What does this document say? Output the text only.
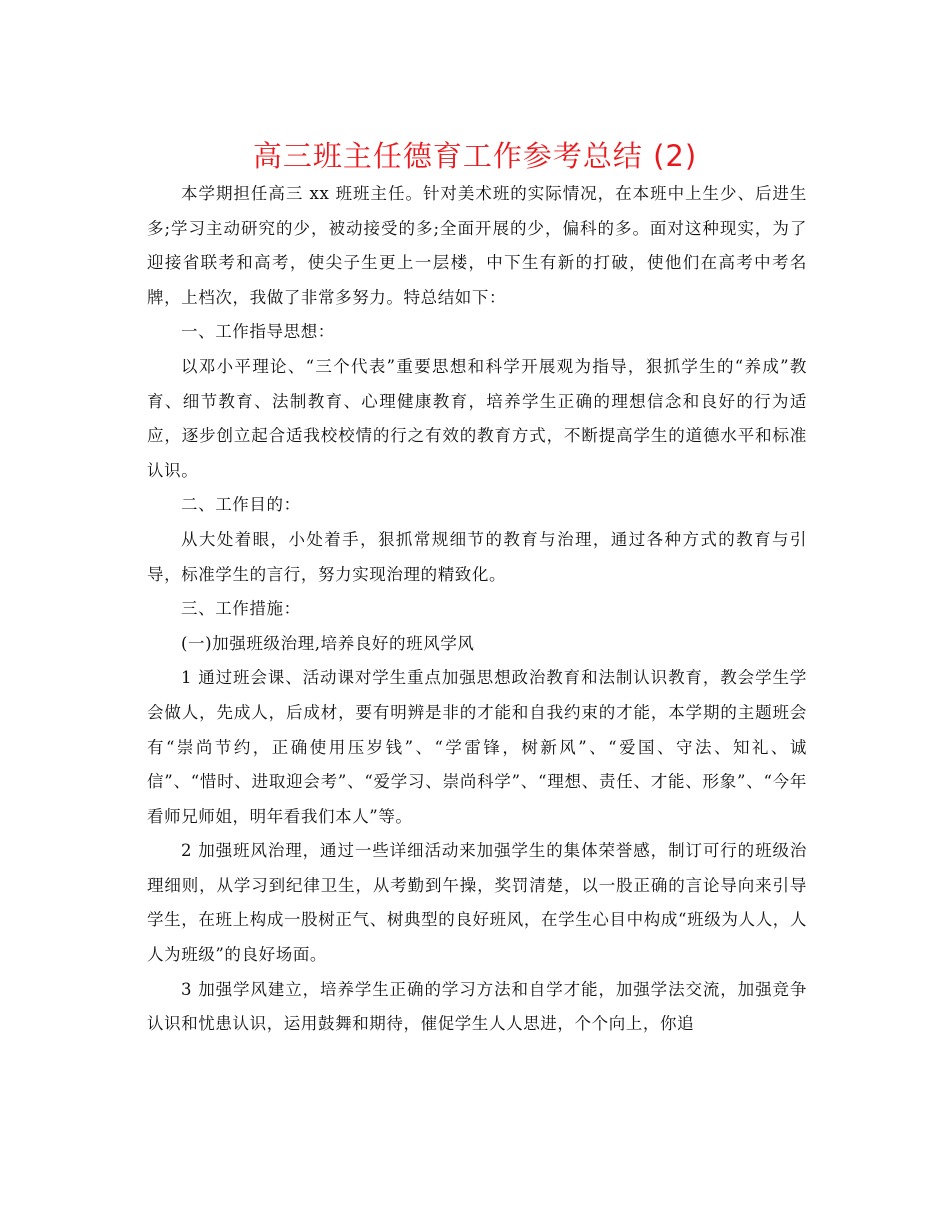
高三班主任德育工作参考总结 (2)

本学期担任高三 xx 班班主任。针对美术班的实际情况，在本班中上生少、后进生多;学习主动研究的少，被动接受的多;全面开展的少，偏科的多。面对这种现实，为了迎接省联考和高考，使尖子生更上一层楼，中下生有新的打破，使他们在高考中考名牌，上档次，我做了非常多努力。特总结如下：

一、工作指导思想：

以邓小平理论、“三个代表”重要思想和科学开展观为指导，狠抓学生的“养成”教育、细节教育、法制教育、心理健康教育，培养学生正确的理想信念和良好的行为适应，逐步创立起合适我校校情的行之有效的教育方式，不断提高学生的道德水平和标准认识。

二、工作目的：

从大处着眼，小处着手，狠抓常规细节的教育与治理，通过各种方式的教育与引导，标准学生的言行，努力实现治理的精致化。

三、工作措施：

(一)加强班级治理,培养良好的班风学风

1 通过班会课、活动课对学生重点加强思想政治教育和法制认识教育，教会学生学会做人，先成人，后成材，要有明辨是非的才能和自我约束的才能，本学期的主题班会有“崇尚节约，正确使用压岁钱”、“学雷锋，树新风”、“爱国、守法、知礼、诚信”、“惜时、进取迎会考”、“爱学习、崇尚科学”、“理想、责任、才能、形象”、“今年看师兄师姐，明年看我们本人”等。

2 加强班风治理，通过一些详细活动来加强学生的集体荣誉感，制订可行的班级治理细则，从学习到纪律卫生，从考勤到午操，奖罚清楚，以一股正确的言论导向来引导学生，在班上构成一股树正气、树典型的良好班风，在学生心目中构成“班级为人人，人人为班级”的良好场面。

3 加强学风建立，培养学生正确的学习方法和自学才能，加强学法交流，加强竞争认识和忧患认识，运用鼓舞和期待，催促学生人人思进，个个向上，你追
